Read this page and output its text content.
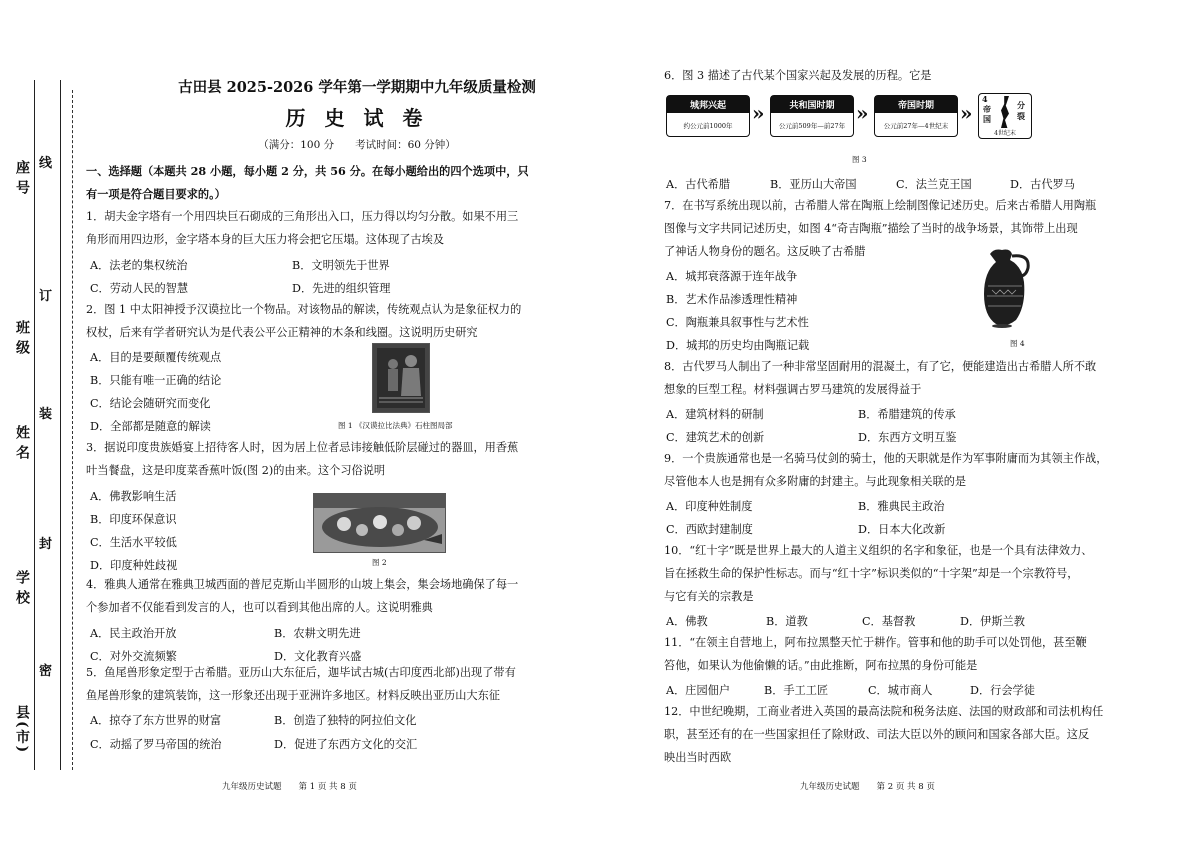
座号
班级
姓名
学校
县(市)
线
订
装
封
密
古田县 2025-2026 学年第一学期期中九年级质量检测
历 史 试 卷
（满分：100 分　　考试时间：60 分钟）
一、选择题（本题共 28 小题，每小题 2 分，共 56 分。在每小题给出的四个选项中，只
有一项是符合题目要求的。）
1．胡夫金字塔有一个用四块巨石砌成的三角形出入口，压力得以均匀分散。如果不用三
角形而用四边形，金字塔本身的巨大压力将会把它压塌。这体现了古埃及
A．法老的集权统治	B．文明领先于世界
C．劳动人民的智慧	D．先进的组织管理
2．图 1 中太阳神授予汉谟拉比一个物品。对该物品的解读，传统观点认为是象征权力的
权杖，后来有学者研究认为是代表公平公正精神的木条和线圈。这说明历史研究
A．目的是要颠覆传统观点
B．只能有唯一正确的结论
C．结论会随研究而变化
D．全部都是随意的解读	图 1 《汉谟拉比法典》石柱图局部
3．据说印度贵族婚宴上招待客人时，因为居上位者忌讳接触低阶层碰过的器皿，用香蕉
叶当餐盘，这是印度菜香蕉叶饭(图 2)的由来。这个习俗说明
A．佛教影响生活
B．印度环保意识
C．生活水平较低
D．印度种姓歧视	图 2
4．雅典人通常在雅典卫城西面的普尼克斯山半圆形的山坡上集会，集会场地确保了每一
个参加者不仅能看到发言的人，也可以看到其他出席的人。这说明雅典
A．民主政治开放	B．农耕文明先进
C．对外交流频繁	D．文化教育兴盛
5．鱼尾兽形象定型于古希腊。亚历山大东征后，迦毕试古城(古印度西北部)出现了带有
鱼尾兽形象的建筑装饰，这一形象还出现于亚洲许多地区。材料反映出亚历山大东征
A．掠夺了东方世界的财富	B．创造了独特的阿拉伯文化
C．动摇了罗马帝国的统治	D．促进了东西方文化的交汇
九年级历史试题　　第 1 页 共 8 页
6．图 3 描述了古代某个国家兴起及发展的历程。它是
城邦兴起
约公元前1000年
»	共和国时期
公元前509年—前27年
»	帝国时期
公元前27年—4世纪末
»
4
帝国
分裂
4世纪末
图 3
A．古代希腊	B．亚历山大帝国	C．法兰克王国	D．古代罗马
7．在书写系统出现以前，古希腊人常在陶瓶上绘制图像记述历史。后来古希腊人用陶瓶
图像与文字共同记述历史，如图 4“奇吉陶瓶”描绘了当时的战争场景，其饰带上出现
了神话人物身份的题名。这反映了古希腊
A．城邦衰落源于连年战争
B．艺术作品渗透理性精神
C．陶瓶兼具叙事性与艺术性
D．城邦的历史均由陶瓶记载	图 4
8．古代罗马人制出了一种非常坚固耐用的混凝土，有了它，便能建造出古希腊人所不敢
想象的巨型工程。材料强调古罗马建筑的发展得益于
A．建筑材料的研制	B．希腊建筑的传承
C．建筑艺术的创新	D．东西方文明互鉴
9．一个贵族通常也是一名骑马仗剑的骑士，他的天职就是作为军事附庸而为其领主作战，
尽管他本人也是拥有众多附庸的封建主。与此现象相关联的是
A．印度种姓制度	B．雅典民主政治
C．西欧封建制度	D．日本大化改新
10．“红十字”既是世界上最大的人道主义组织的名字和象征，也是一个具有法律效力、
旨在拯救生命的保护性标志。而与“红十字”标识类似的“十字架”却是一个宗教符号，
与它有关的宗教是
A．佛教	B．道教	C．基督教	D．伊斯兰教
11．“在领主自营地上，阿布拉黑整天忙于耕作。管事和他的助手可以处罚他，甚至鞭
笞他，如果认为他偷懒的话。”由此推断，阿布拉黑的身份可能是
A．庄园佃户	B．手工工匠	C．城市商人	D．行会学徒
12．中世纪晚期，工商业者进入英国的最高法院和税务法庭、法国的财政部和司法机构任
职，甚至还有的在一些国家担任了除财政、司法大臣以外的顾问和国家各部大臣。这反
映出当时西欧
九年级历史试题　　第 2 页 共 8 页
